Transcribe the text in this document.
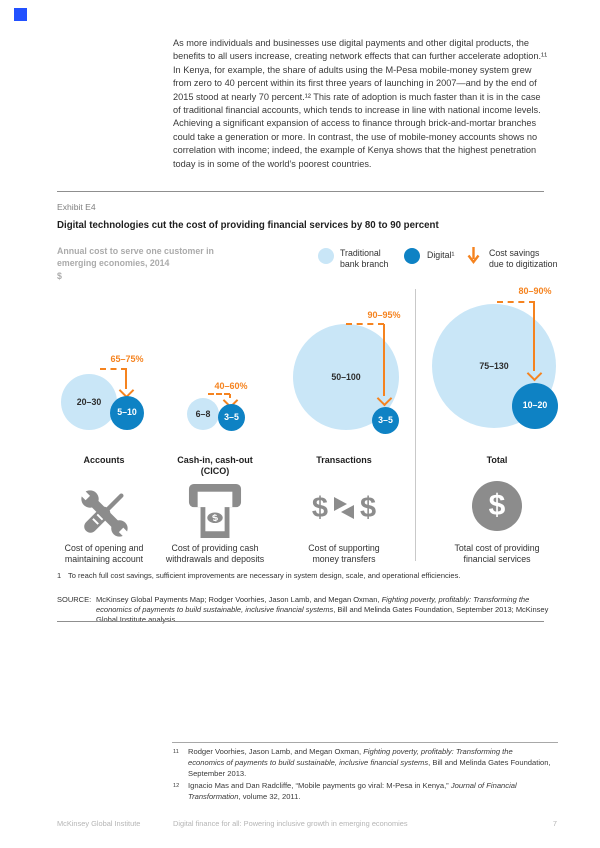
As more individuals and businesses use digital payments and other digital products, the
benefits to all users increase, creating network effects that can further accelerate adoption.¹¹
In Kenya, for example, the share of adults using the M-Pesa mobile-money system grew
from zero to 40 percent within its first three years of launching in 2007—and by the end of
2015 stood at nearly 70 percent.¹² This rate of adoption is much faster than it is in the case
of traditional financial accounts, which tends to increase in line with national income levels.
Achieving a significant expansion of access to finance through brick-and-mortar branches
could take a generation or more. In contrast, the use of mobile-money accounts shows no
correlation with income; indeed, the example of Kenya shows that the highest penetration
today is in some of the world’s poorest countries.
Exhibit E4
Digital technologies cut the cost of providing financial services by 80 to 90 percent
Annual cost to serve one customer in
emerging economies, 2014
$
Traditional
bank branch
Digital¹	Cost savings
due to digitization
20–30
65–75%
5–10	6–8
40–60%
3–5
50–100
90–95%
3–5
75–130
80–90%
10–20
Accounts	Cash-in, cash-out
(CICO)
Transactions	Total
$	$ $	$
Cost of opening and
maintaining account
Cost of providing cash
withdrawals and deposits
Cost of supporting
money transfers
Total cost of providing
financial services
1 To reach full cost savings, sufficient improvements are necessary in system design, scale, and operational efficiencies.
SOURCE: McKinsey Global Payments Map; Rodger Voorhies, Jason Lamb, and Megan Oxman, Fighting poverty, profitably: Transforming the economics of payments to build sustainable, inclusive financial systems, Bill and Melinda Gates Foundation, September 2013; McKinsey Global Institute analysis
11 Rodger Voorhies, Jason Lamb, and Megan Oxman, Fighting poverty, profitably: Transforming the
economics of payments to build sustainable, inclusive financial systems, Bill and Melinda Gates Foundation,
September 2013.
12 Ignacio Mas and Dan Radcliffe, “Mobile payments go viral: M-Pesa in Kenya,” Journal of Financial
Transformation, volume 32, 2011.
McKinsey Global Institute	Digital finance for all: Powering inclusive growth in emerging economies	7
